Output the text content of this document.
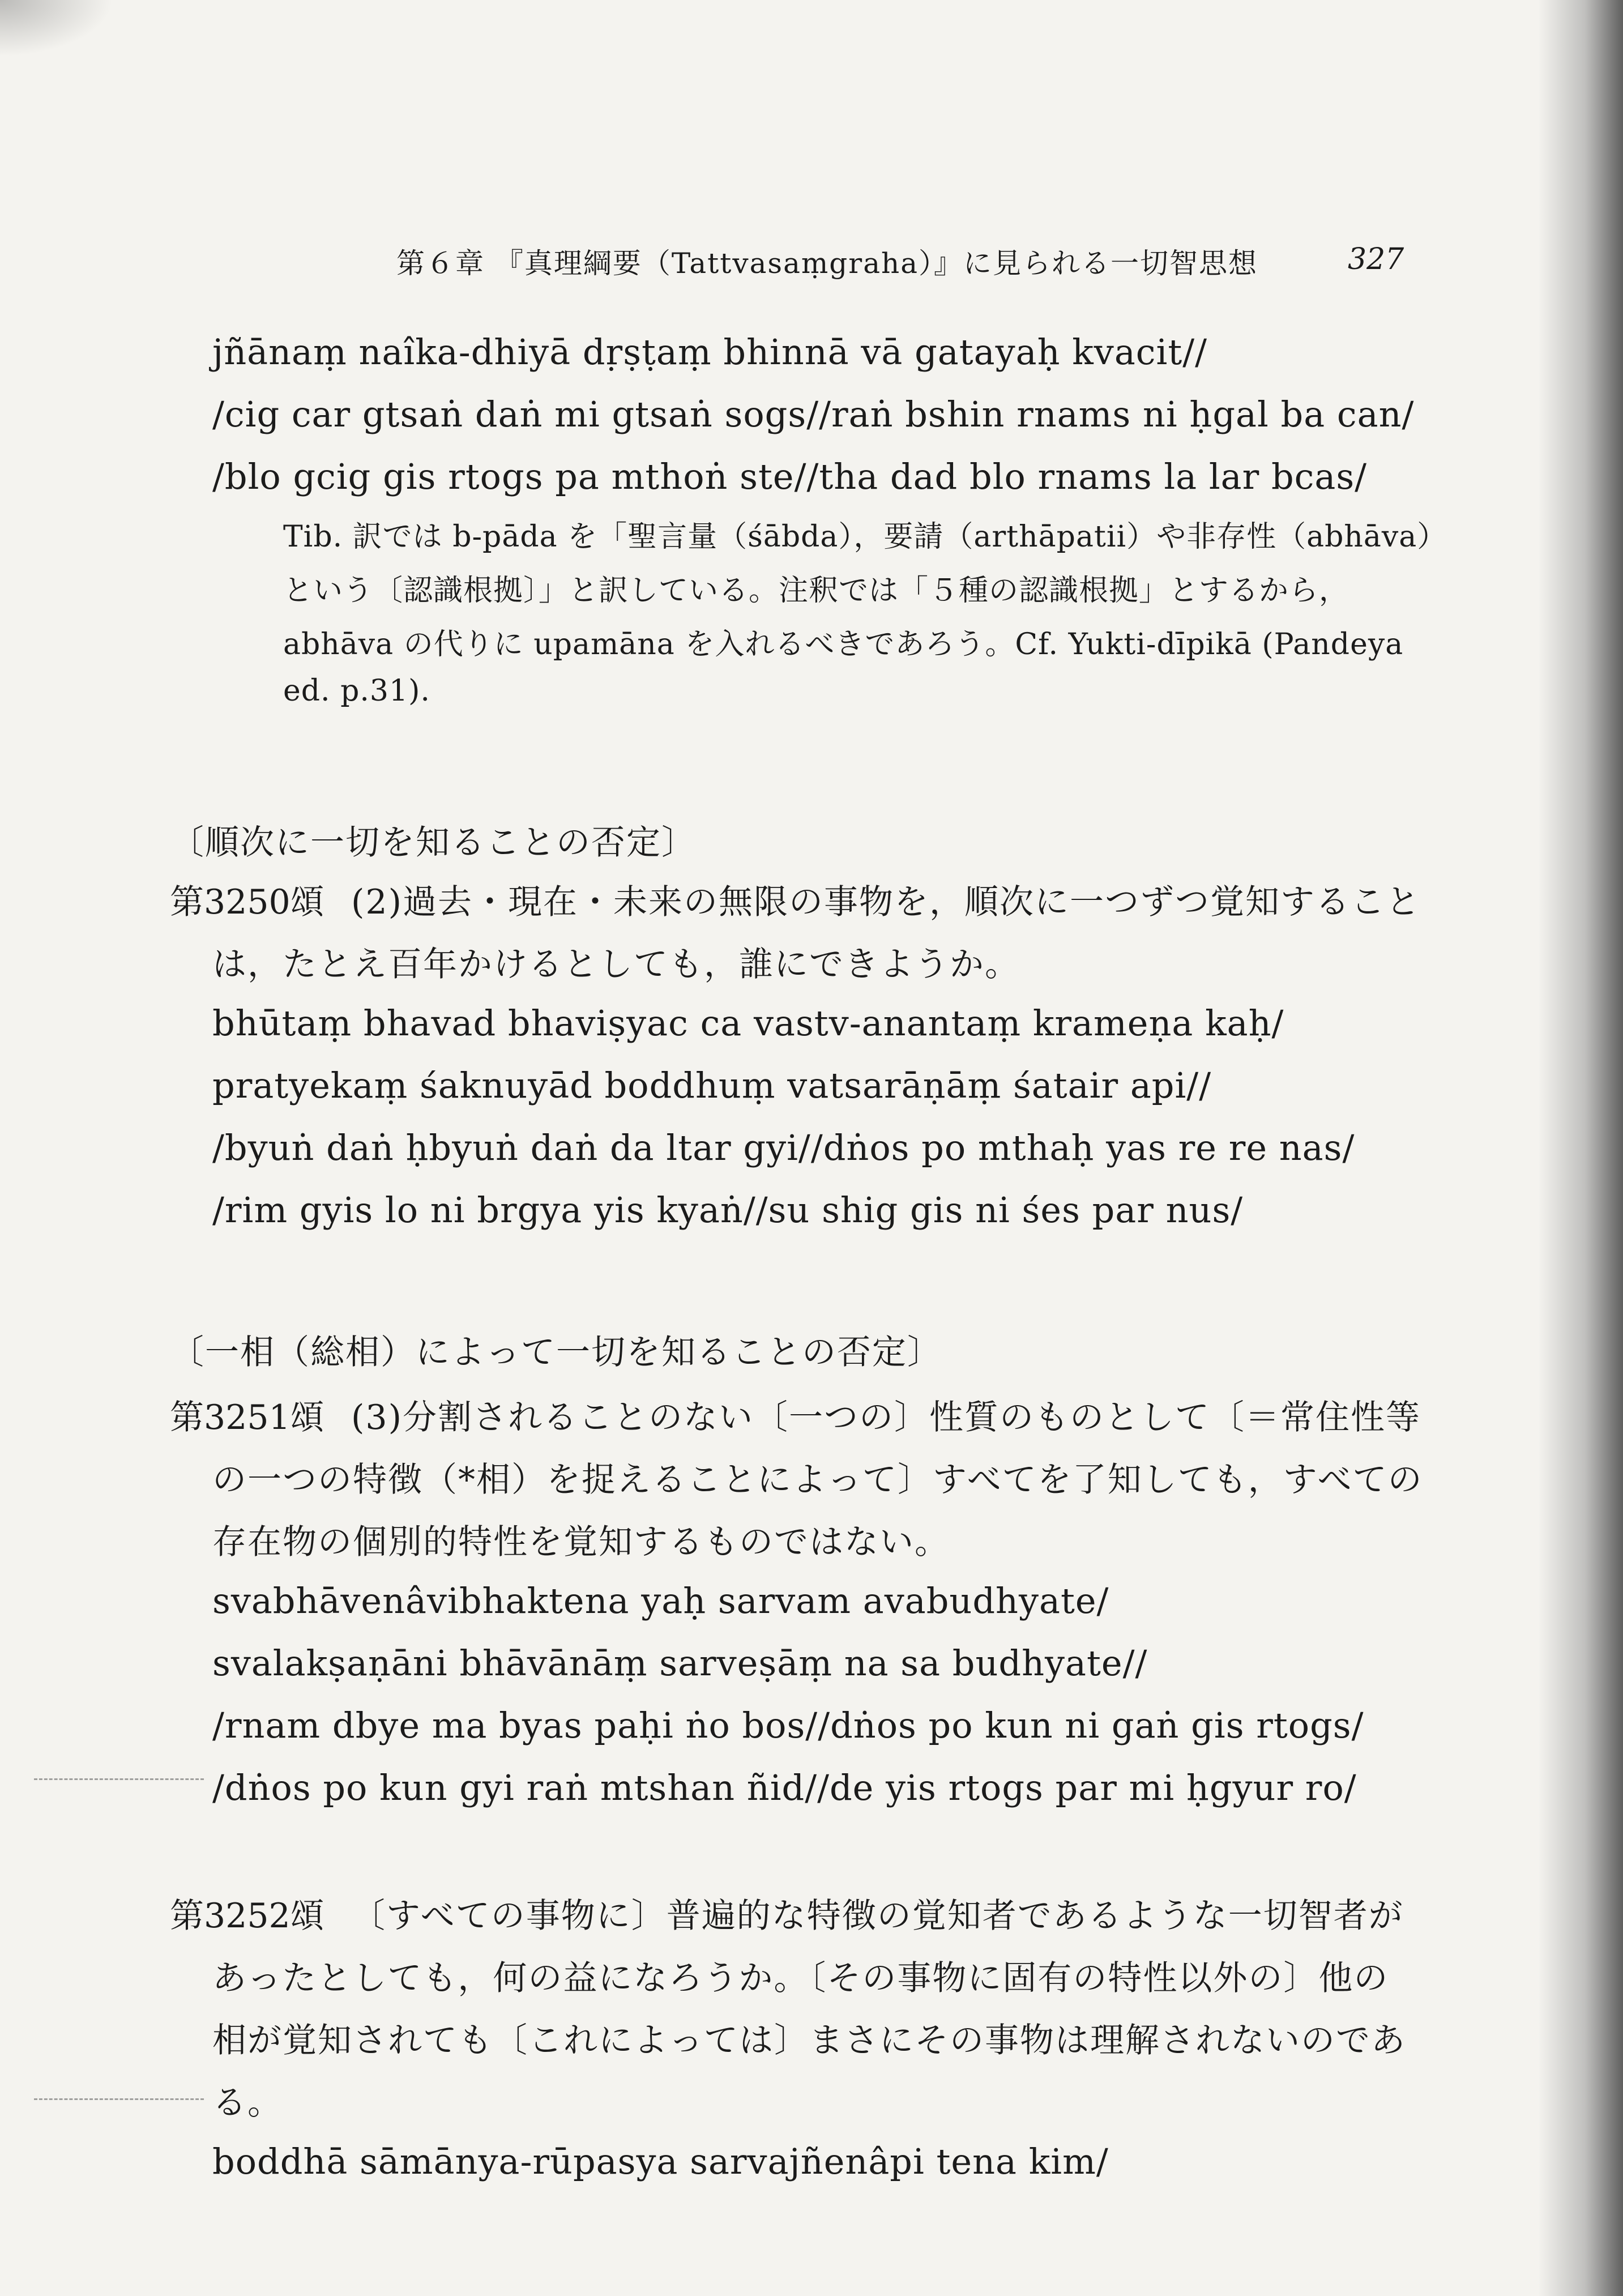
第６章 『真理綱要（Tattvasaṃgraha）』に見られる一切智思想	327
jñānaṃ naîka-dhiyā dṛṣṭaṃ bhinnā vā gatayaḥ kvacit//
/cig car gtsaṅ daṅ mi gtsaṅ sogs//raṅ bshin rnams ni ḥgal ba can/
/blo gcig gis rtogs pa mthoṅ ste//tha dad blo rnams la lar bcas/
Tib. 訳では b-pāda を「聖言量（śābda），要請（arthāpatii）や非存性（abhāva）
という〔認識根拠〕」と訳している。注釈では「５種の認識根拠」とするから，
abhāva の代りに upamāna を入れるべきであろう。Cf. Yukti-dīpikā (Pandeya
ed. p.31).
〔順次に一切を知ることの否定〕
第3250頌 (2)過去・現在・未来の無限の事物を，順次に一つずつ覚知すること
は，たとえ百年かけるとしても，誰にできようか。
bhūtaṃ bhavad bhaviṣyac ca vastv-anantaṃ krameṇa kaḥ/
pratyekaṃ śaknuyād boddhuṃ vatsarāṇāṃ śatair api//
/byuṅ daṅ ḥbyuṅ daṅ da ltar gyi//dṅos po mthaḥ yas re re nas/
/rim gyis lo ni brgya yis kyaṅ//su shig gis ni śes par nus/
〔一相（総相）によって一切を知ることの否定〕
第3251頌 (3)分割されることのない〔一つの〕性質のものとして〔＝常住性等
の一つの特徴（*相）を捉えることによって〕すべてを了知しても，すべての
存在物の個別的特性を覚知するものではない。
svabhāvenâvibhaktena yaḥ sarvam avabudhyate/
svalakṣaṇāni bhāvānāṃ sarveṣāṃ na sa budhyate//
/rnam dbye ma byas paḥi ṅo bos//dṅos po kun ni gaṅ gis rtogs/
/dṅos po kun gyi raṅ mtshan ñid//de yis rtogs par mi ḥgyur ro/
第3252頌 〔すべての事物に〕普遍的な特徴の覚知者であるような一切智者が
あったとしても，何の益になろうか。〔その事物に固有の特性以外の〕他の
相が覚知されても〔これによっては〕まさにその事物は理解されないのであ
る。
boddhā sāmānya-rūpasya sarvajñenâpi tena kim/
